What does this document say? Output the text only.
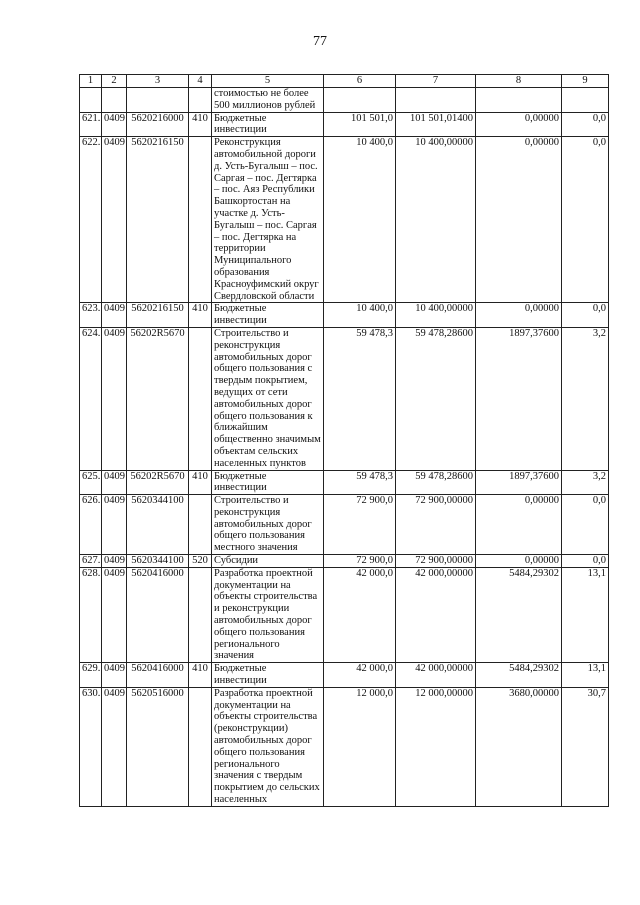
77
1	2	3	4	5	6	7	8	9
				стоимостью не более 500 миллионов рублей				
621.	0409	5620216000	410	Бюджетные инвестиции	101 501,0	101 501,01400	0,00000	0,0
622.	0409	5620216150		Реконструкция автомобильной дороги д. Усть-Бугалыш – пос. Саргая – пос. Дегтярка – пос. Аяз Республики Башкортостан на участке д. Усть-Бугалыш – пос. Саргая – пос. Дегтярка на территории Муниципального образования Красноуфимский округ Свердловской области	10 400,0	10 400,00000	0,00000	0,0
623.	0409	5620216150	410	Бюджетные инвестиции	10 400,0	10 400,00000	0,00000	0,0
624.	0409	56202R5670		Строительство и реконструкция автомобильных дорог общего пользования с твердым покрытием, ведущих от сети автомобильных дорог общего пользования к ближайшим общественно значимым объектам сельских населенных пунктов	59 478,3	59 478,28600	1897,37600	3,2
625.	0409	56202R5670	410	Бюджетные инвестиции	59 478,3	59 478,28600	1897,37600	3,2
626.	0409	5620344100		Строительство и реконструкция автомобильных дорог общего пользования местного значения	72 900,0	72 900,00000	0,00000	0,0
627.	0409	5620344100	520	Субсидии	72 900,0	72 900,00000	0,00000	0,0
628.	0409	5620416000		Разработка проектной документации на объекты строительства и реконструкции автомобильных дорог общего пользования регионального значения	42 000,0	42 000,00000	5484,29302	13,1
629.	0409	5620416000	410	Бюджетные инвестиции	42 000,0	42 000,00000	5484,29302	13,1
630.	0409	5620516000		Разработка проектной документации на объекты строительства (реконструкции) автомобильных дорог общего пользования регионального значения с твердым покрытием до сельских населенных	12 000,0	12 000,00000	3680,00000	30,7
